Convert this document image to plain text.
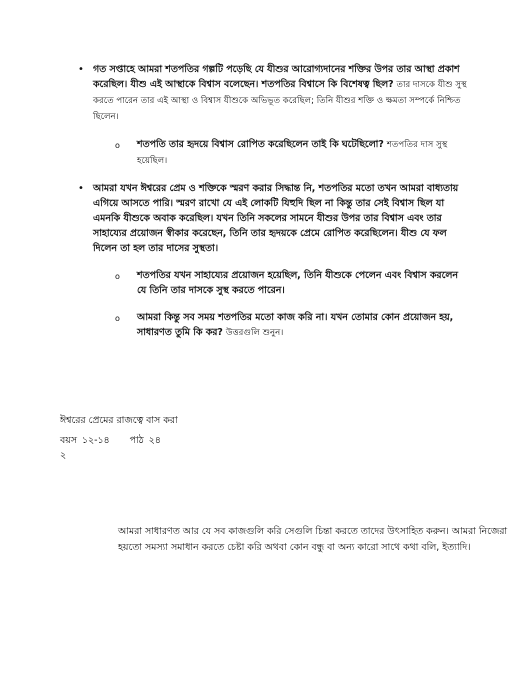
• গত সপ্তাহে আমরা শতপতির গল্পটি পড়েছি যে যীশুর আরোগ্যদানের শক্তির উপর তার আস্থা প্রকাশ করেছিল। যীশু এই আস্থাকে বিশ্বাস বলেছেন। শতপতির বিশ্বাসে কি বিশেষত্ব ছিল? তার দাসকে যীশু সুস্থ করতে পারেন তার এই আস্থা ও বিশ্বাস যীশুকে অভিভূত করেছিল; তিনি যীশুর শক্তি ও ক্ষমতা সম্পর্কে নিশ্চিত ছিলেন।
o শতপতি তার হৃদয়ে বিশ্বাস রোপিত করেছিলেন তাই কি ঘটেছিলো? শতপতির দাস সুস্থ হয়েছিল।
• আমরা যখন ঈশ্বরের প্রেম ও শক্তিকে স্মরণ করার সিদ্ধান্ত নি, শতপতির মতো তখন আমরা বাধ্যতায় এগিয়ে আসতে পারি। স্মরণ রাখো যে এই লোকটি যিহুদি ছিল না কিন্তু তার সেই বিশ্বাস ছিল যা এমনকি যীশুকে অবাক করেছিল। যখন তিনি সকলের সামনে যীশুর উপর তার বিশ্বাস এবং তার সাহায্যের প্রয়োজন স্বীকার করেছেন, তিনি তার হৃদয়কে প্রেমে রোপিত করেছিলেন। যীশু যে ফল দিলেন তা হল তার দাসের সুস্থতা।
o শতপতির যখন সাহায্যের প্রয়োজন হয়েছিল, তিনি যীশুকে পেলেন এবং বিশ্বাস করলেন যে তিনি তার দাসকে সুস্থ করতে পারেন।
o আমরা কিন্তু সব সময় শতপতির মতো কাজ করি না। যখন তোমার কোন প্রয়োজন হয়, সাধারণত তুমি কি কর? উত্তরগুলি শুনুন।
ঈশ্বরের প্রেমের রাজত্বে বাস করা
বয়স ১২-১৪ পাঠ ২৪
২
আমরা সাধারণত আর যে সব কাজগুলি করি সেগুলি চিন্তা করতে তাদের উৎসাহিত করুন। আমরা নিজেরা হয়তো সমস্যা সমাধান করতে চেষ্টা করি অথবা কোন বন্ধু বা অন্য কারো সাথে কথা বলি, ইত্যাদি।
